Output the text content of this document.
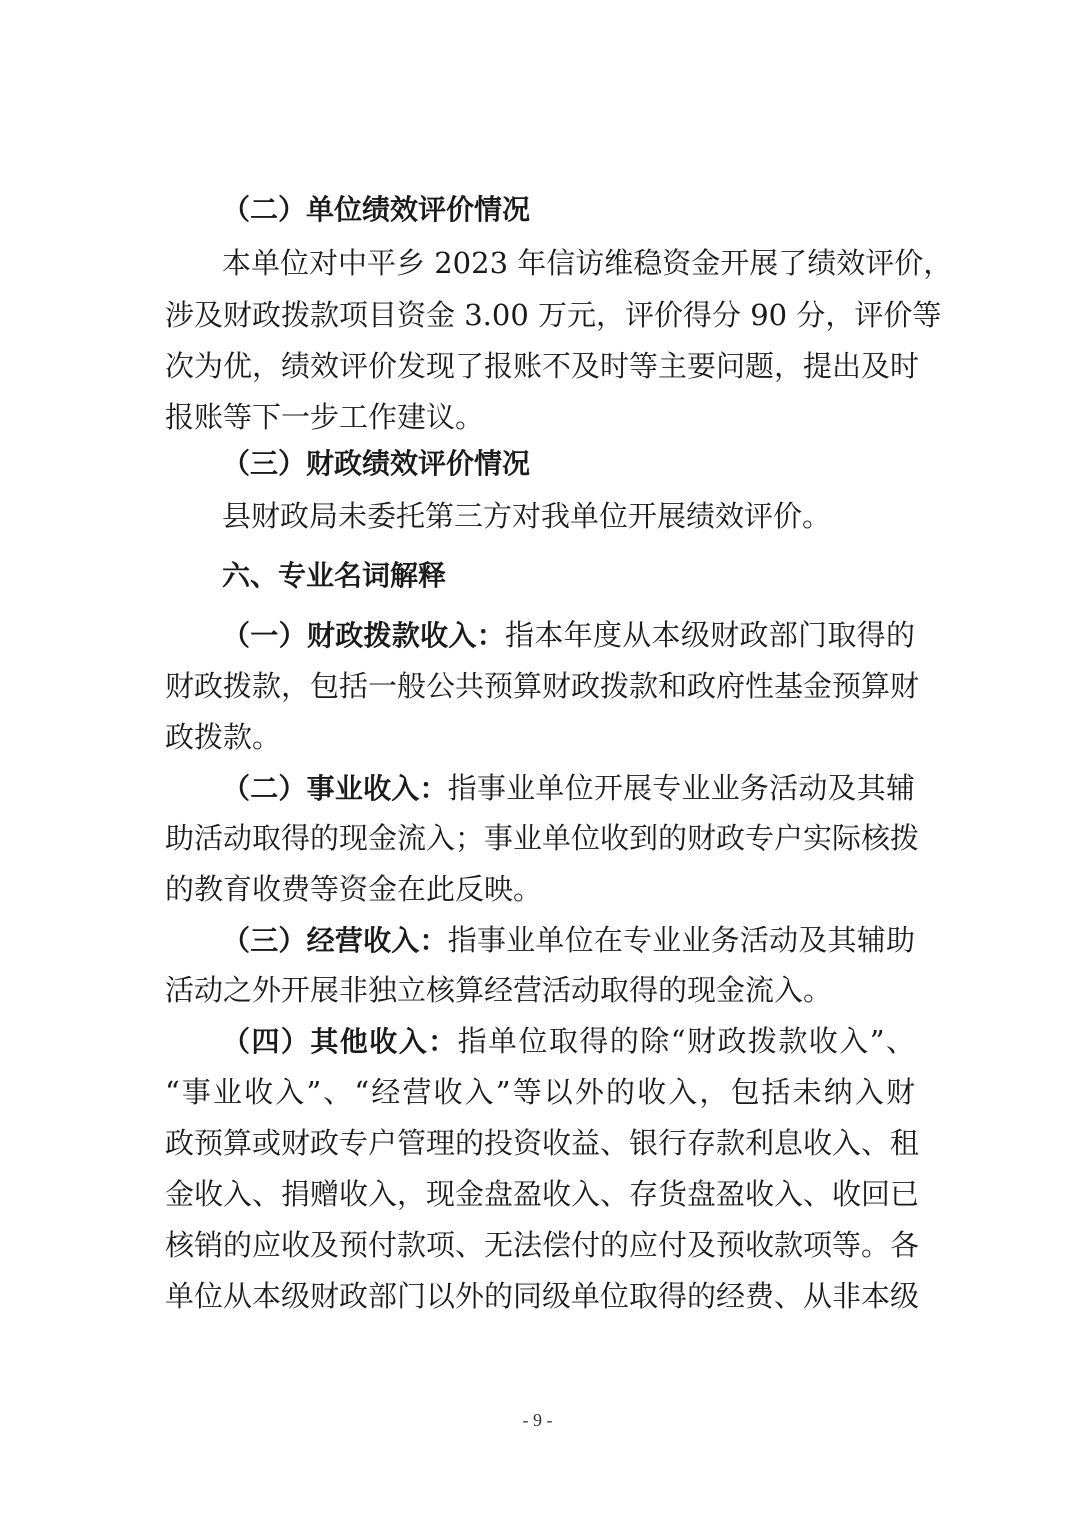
（二）单位绩效评价情况
本单位对中平乡 2023 年信访维稳资金开展了绩效评价，
涉及财政拨款项目资金 3.00 万元，评价得分 90 分，评价等
次为优，绩效评价发现了报账不及时等主要问题，提出及时
报账等下一步工作建议。
（三）财政绩效评价情况
县财政局未委托第三方对我单位开展绩效评价。
六、专业名词解释
（一）财政拨款收入：指本年度从本级财政部门取得的
财政拨款，包括一般公共预算财政拨款和政府性基金预算财
政拨款。
（二）事业收入：指事业单位开展专业业务活动及其辅
助活动取得的现金流入；事业单位收到的财政专户实际核拨
的教育收费等资金在此反映。
（三）经营收入：指事业单位在专业业务活动及其辅助
活动之外开展非独立核算经营活动取得的现金流入。
（四）其他收入：指单位取得的除“财政拨款收入”、
“事业收入”、“经营收入”等以外的收入，包括未纳入财
政预算或财政专户管理的投资收益、银行存款利息收入、租
金收入、捐赠收入，现金盘盈收入、存货盘盈收入、收回已
核销的应收及预付款项、无法偿付的应付及预收款项等。各
单位从本级财政部门以外的同级单位取得的经费、从非本级
- 9 -
